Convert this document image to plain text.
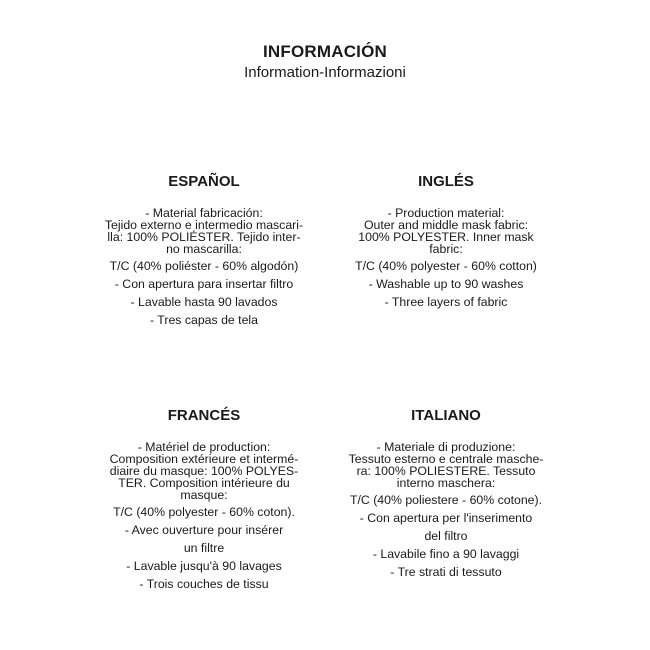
INFORMACIÓN
Information-Informazioni
ESPAÑOL
- Material fabricación:
Tejido externo e intermedio mascari-
lla: 100% POLIÉSTER. Tejido inter-
no mascarilla:
T/C (40% poliéster - 60% algodón)
- Con apertura para insertar filtro
- Lavable hasta 90 lavados
- Tres capas de tela
INGLÉS
- Production material:
Outer and middle mask fabric:
100% POLYESTER. Inner mask
fabric:
T/C (40% polyester - 60% cotton)
- Washable up to 90 washes
- Three layers of fabric
FRANCÉS
- Matériel de production:
Composition extérieure et intermé-
diaire du masque: 100% POLYES-
TER. Composition intérieure du
masque:
T/C (40% polyester - 60% coton).
- Avec ouverture pour insérer
un filtre
- Lavable jusqu'à 90 lavages
- Trois couches de tissu
ITALIANO
- Materiale di produzione:
Tessuto esterno e centrale masche-
ra: 100% POLIESTERE. Tessuto
interno maschera:
T/C (40% poliestere - 60% cotone).
- Con apertura per l'inserimento
del filtro
- Lavabile fino a 90 lavaggi
- Tre strati di tessuto
